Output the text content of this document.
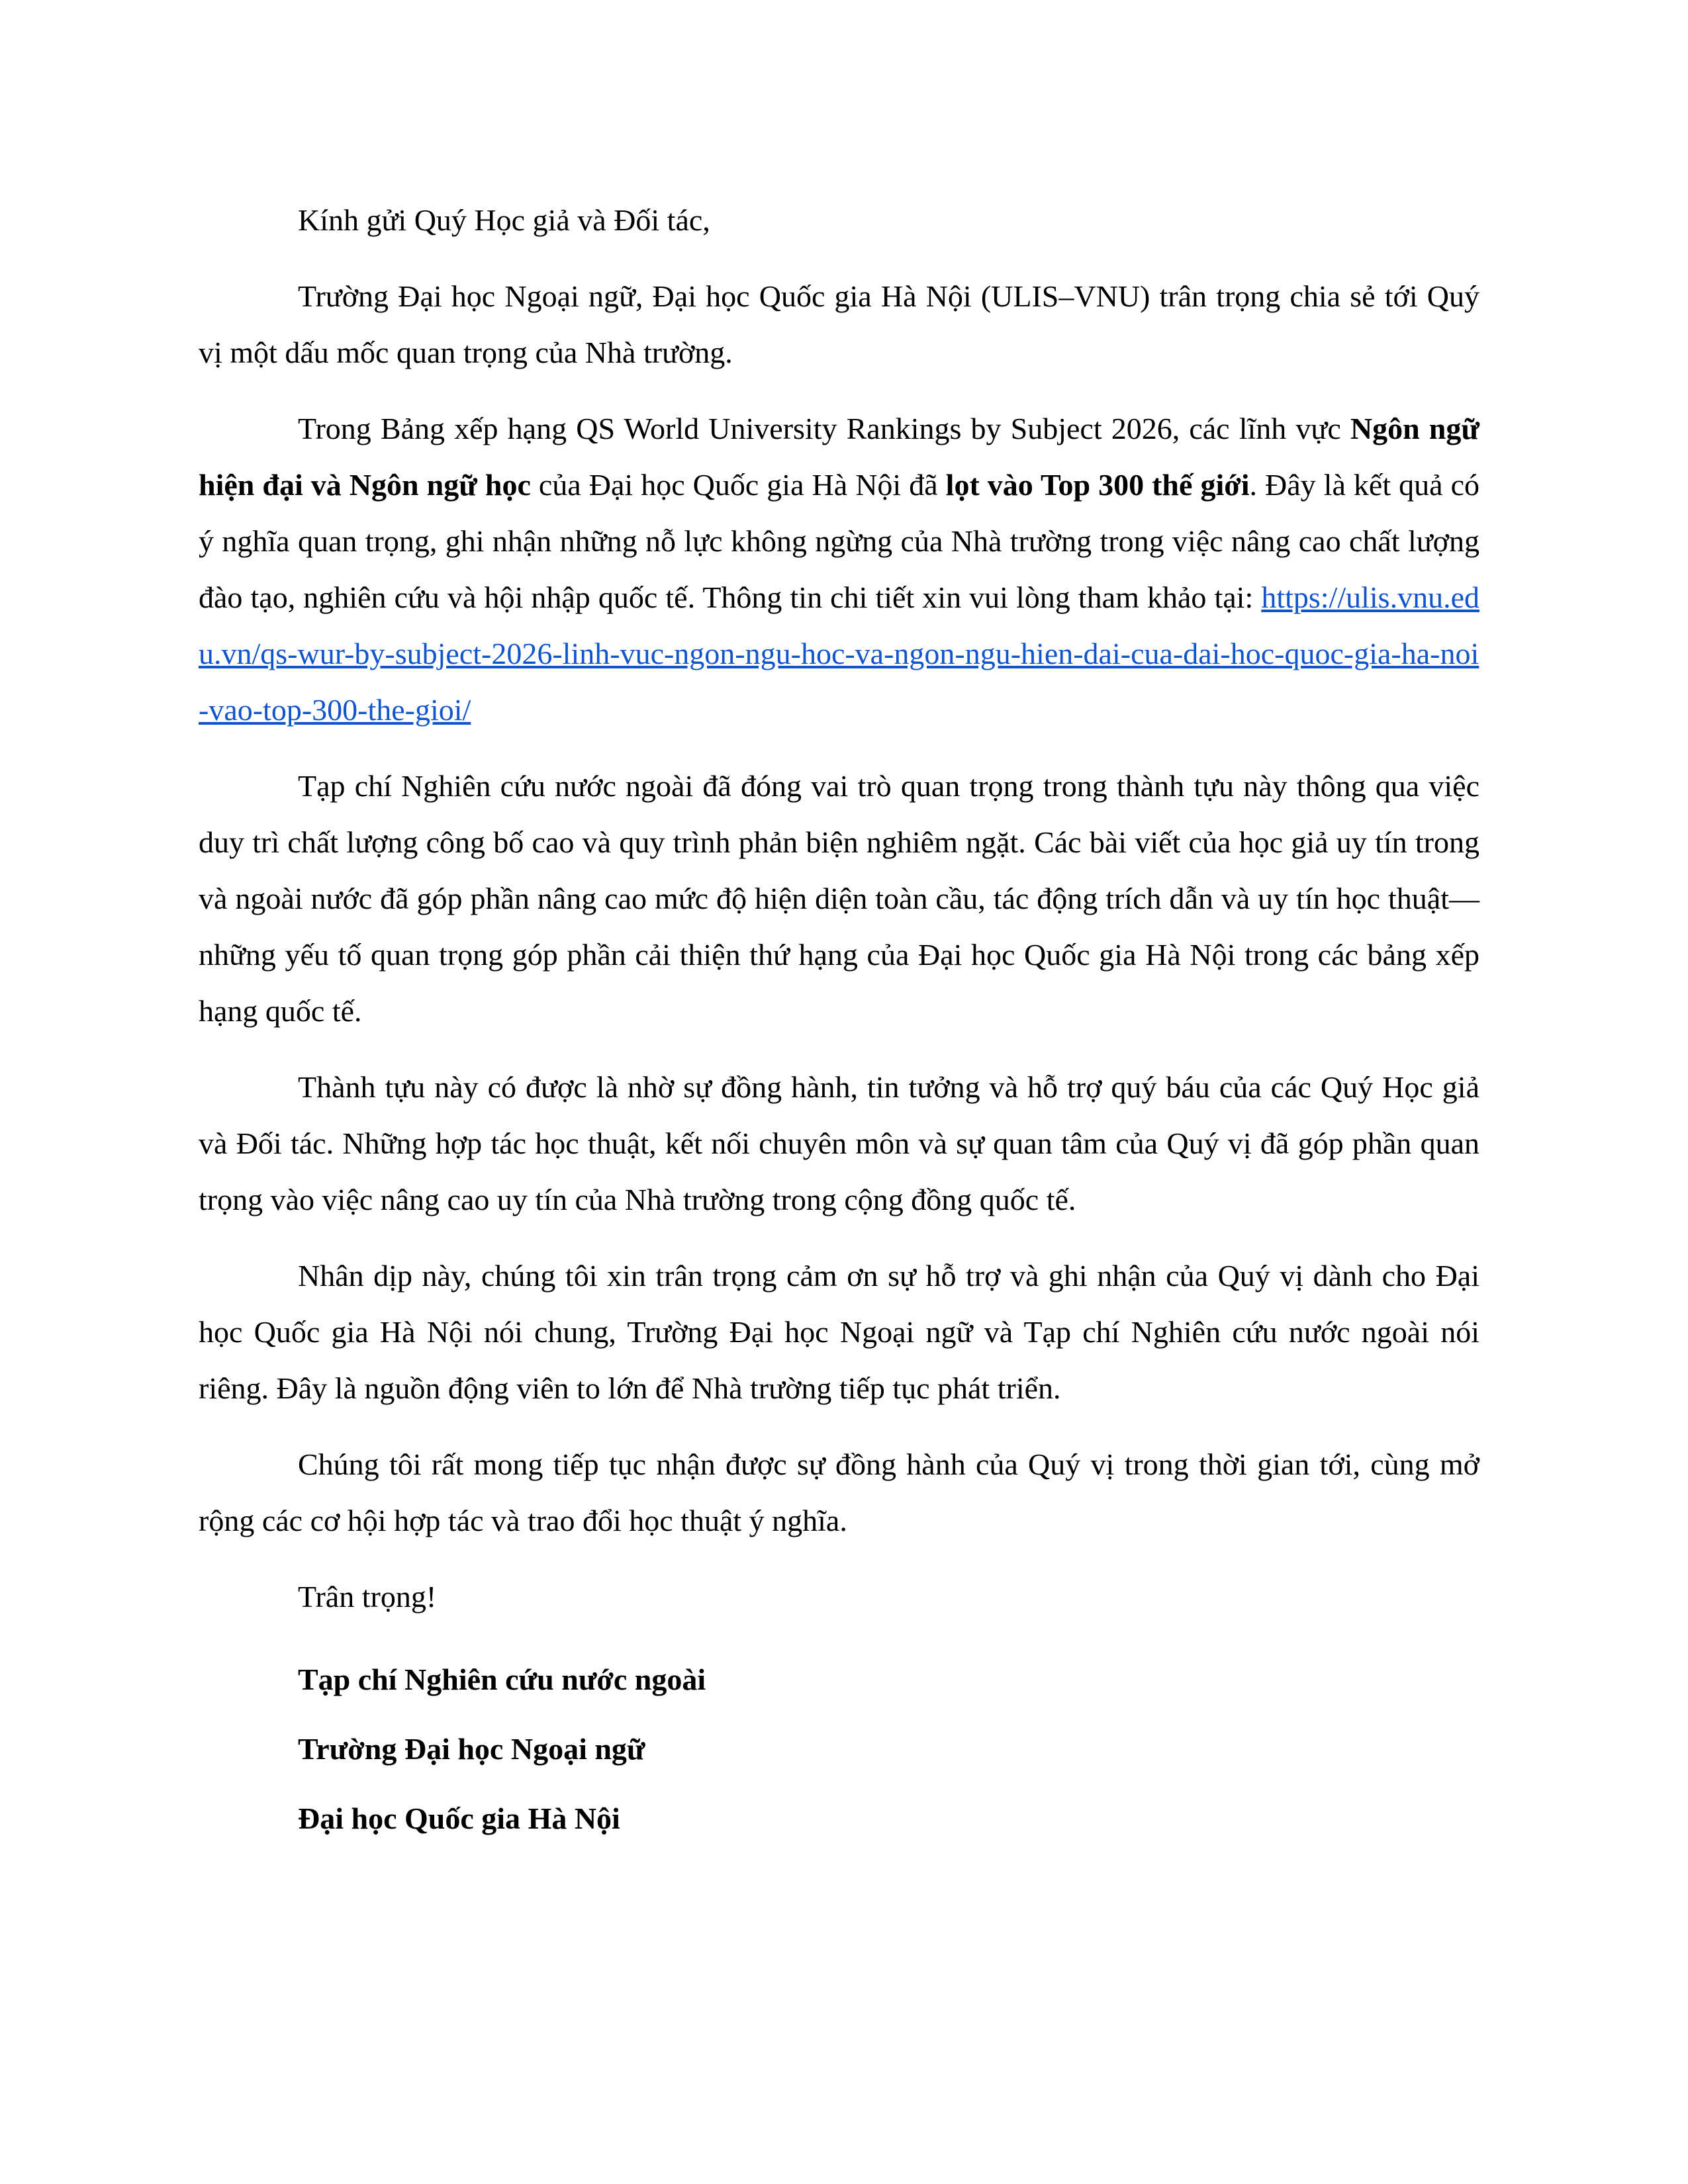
Kính gửi Quý Học giả và Đối tác,

Trường Đại học Ngoại ngữ, Đại học Quốc gia Hà Nội (ULIS–VNU) trân trọng chia sẻ tới Quý vị một dấu mốc quan trọng của Nhà trường.

Trong Bảng xếp hạng QS World University Rankings by Subject 2026, các lĩnh vực Ngôn ngữ hiện đại và Ngôn ngữ học của Đại học Quốc gia Hà Nội đã lọt vào Top 300 thế giới. Đây là kết quả có ý nghĩa quan trọng, ghi nhận những nỗ lực không ngừng của Nhà trường trong việc nâng cao chất lượng đào tạo, nghiên cứu và hội nhập quốc tế. Thông tin chi tiết xin vui lòng tham khảo tại: https://ulis.vnu.edu.vn/qs-wur-by-subject-2026-linh-vuc-ngon-ngu-hoc-va-ngon-ngu-hien-dai-cua-dai-hoc-quoc-gia-ha-noi-vao-top-300-the-gioi/

Tạp chí Nghiên cứu nước ngoài đã đóng vai trò quan trọng trong thành tựu này thông qua việc duy trì chất lượng công bố cao và quy trình phản biện nghiêm ngặt. Các bài viết của học giả uy tín trong và ngoài nước đã góp phần nâng cao mức độ hiện diện toàn cầu, tác động trích dẫn và uy tín học thuật—những yếu tố quan trọng góp phần cải thiện thứ hạng của Đại học Quốc gia Hà Nội trong các bảng xếp hạng quốc tế.

Thành tựu này có được là nhờ sự đồng hành, tin tưởng và hỗ trợ quý báu của các Quý Học giả và Đối tác. Những hợp tác học thuật, kết nối chuyên môn và sự quan tâm của Quý vị đã góp phần quan trọng vào việc nâng cao uy tín của Nhà trường trong cộng đồng quốc tế.

Nhân dịp này, chúng tôi xin trân trọng cảm ơn sự hỗ trợ và ghi nhận của Quý vị dành cho Đại học Quốc gia Hà Nội nói chung, Trường Đại học Ngoại ngữ và Tạp chí Nghiên cứu nước ngoài nói riêng. Đây là nguồn động viên to lớn để Nhà trường tiếp tục phát triển.

Chúng tôi rất mong tiếp tục nhận được sự đồng hành của Quý vị trong thời gian tới, cùng mở rộng các cơ hội hợp tác và trao đổi học thuật ý nghĩa.

Trân trọng!
Tạp chí Nghiên cứu nước ngoài
Trường Đại học Ngoại ngữ
Đại học Quốc gia Hà Nội
